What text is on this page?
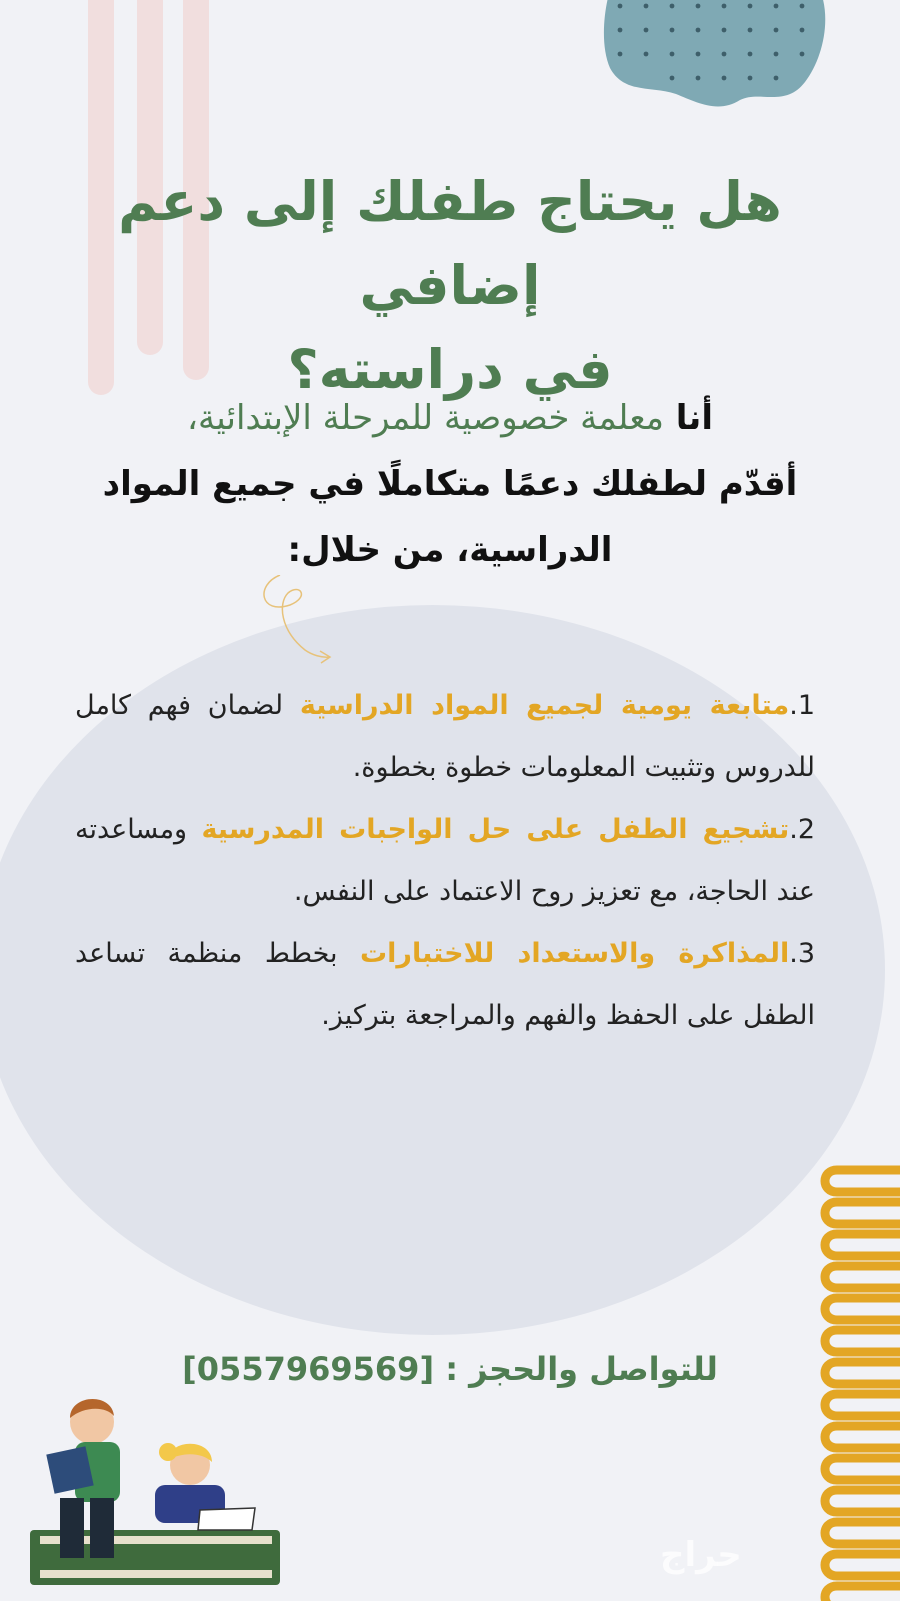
هل يحتاج طفلك إلى دعم إضافي
في دراسته؟
أنا معلمة خصوصية للمرحلة الإبتدائية،
أقدّم لطفلك دعمًا متكاملًا في جميع المواد
الدراسية، من خلال:

1.متابعة يومية لجميع المواد الدراسية لضمان فهم كامل للدروس وتثبيت المعلومات خطوة بخطوة.

2.تشجيع الطفل على حل الواجبات المدرسية ومساعدته عند الحاجة، مع تعزيز روح الاعتماد على النفس.

3.المذاكرة والاستعداد للاختبارات بخطط منظمة تساعد الطفل على الحفظ والفهم والمراجعة بتركيز.

للتواصل والحجز : [0557969569]
حراج
